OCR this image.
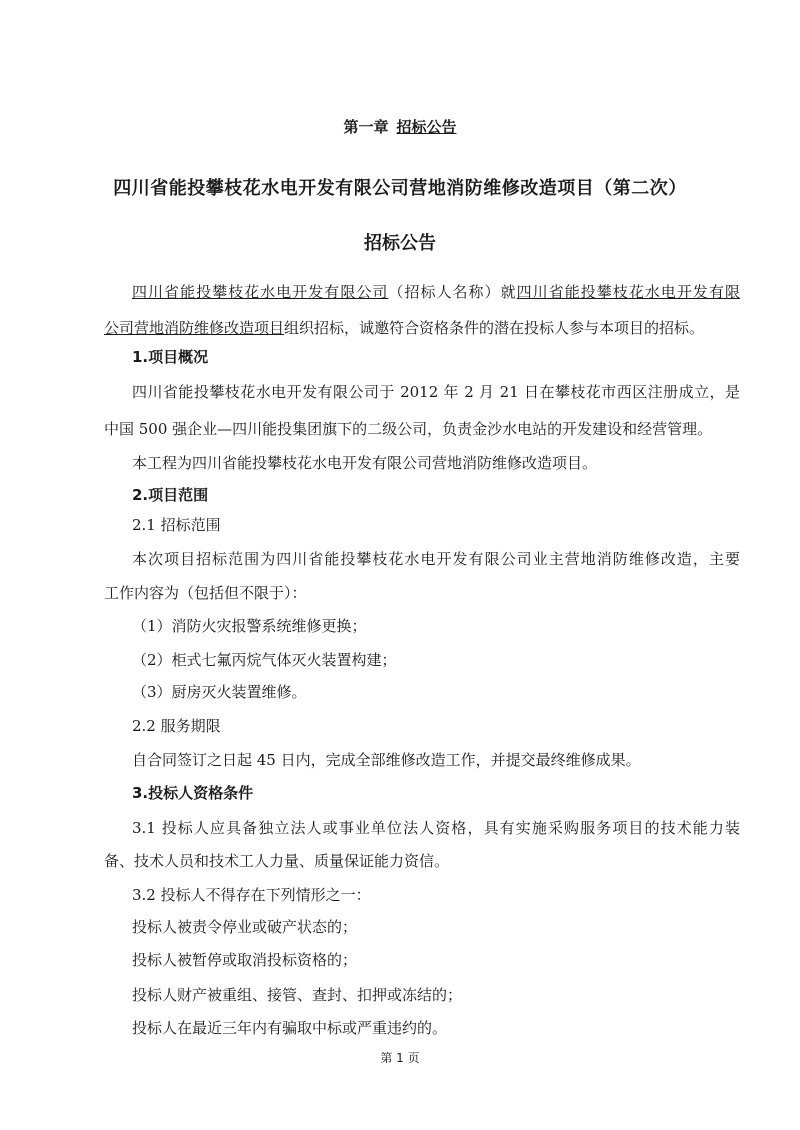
第一章 招标公告
四川省能投攀枝花水电开发有限公司营地消防维修改造项目（第二次）
招标公告
四川省能投攀枝花水电开发有限公司（招标人名称）就四川省能投攀枝花水电开发有限
公司营地消防维修改造项目组织招标，诚邀符合资格条件的潜在投标人参与本项目的招标。
1.项目概况
四川省能投攀枝花水电开发有限公司于 2012 年 2 月 21 日在攀枝花市西区注册成立，是
中国 500 强企业—四川能投集团旗下的二级公司，负责金沙水电站的开发建设和经营管理。
本工程为四川省能投攀枝花水电开发有限公司营地消防维修改造项目。
2.项目范围
2.1 招标范围
本次项目招标范围为四川省能投攀枝花水电开发有限公司业主营地消防维修改造，主要
工作内容为（包括但不限于）：
（1）消防火灾报警系统维修更换；
（2）柜式七氟丙烷气体灭火装置构建；
（3）厨房灭火装置维修。
2.2 服务期限
自合同签订之日起 45 日内，完成全部维修改造工作，并提交最终维修成果。
3.投标人资格条件
3.1 投标人应具备独立法人或事业单位法人资格，具有实施采购服务项目的技术能力装
备、技术人员和技术工人力量、质量保证能力资信。
3.2 投标人不得存在下列情形之一：
投标人被责令停业或破产状态的；
投标人被暂停或取消投标资格的；
投标人财产被重组、接管、查封、扣押或冻结的；
投标人在最近三年内有骗取中标或严重违约的。
第 1 页
